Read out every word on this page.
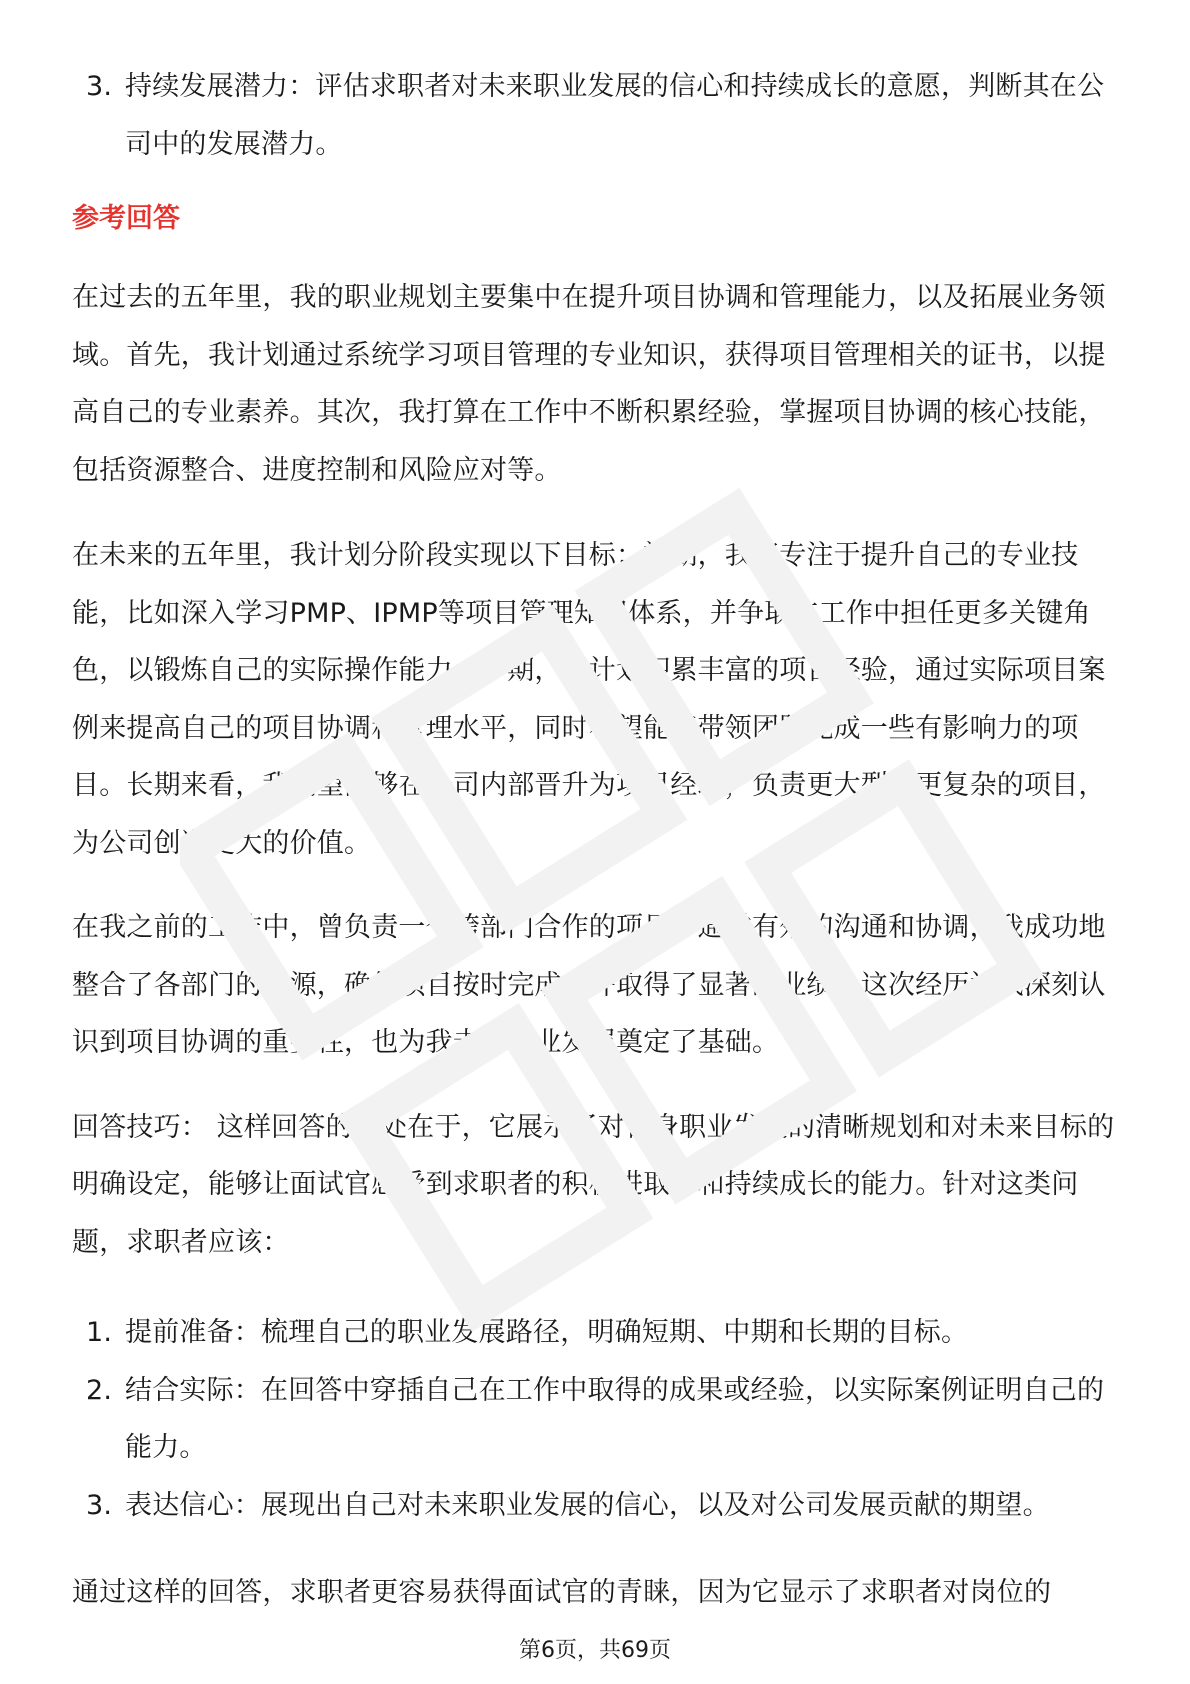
3. 持续发展潜力：评估求职者对未来职业发展的信心和持续成长的意愿，判断其在公司中的发展潜力。

参考回答

在过去的五年里，我的职业规划主要集中在提升项目协调和管理能力，以及拓展业务领域。首先，我计划通过系统学习项目管理的专业知识，获得项目管理相关的证书，以提高自己的专业素养。其次，我打算在工作中不断积累经验，掌握项目协调的核心技能，包括资源整合、进度控制和风险应对等。

在未来的五年里，我计划分阶段实现以下目标：初期，我将专注于提升自己的专业技能，比如深入学习PMP、IPMP等项目管理知识体系，并争取在工作中担任更多关键角色，以锻炼自己的实际操作能力。中期，我计划积累丰富的项目经验，通过实际项目案例来提高自己的项目协调和管理水平，同时希望能够带领团队完成一些有影响力的项目。长期来看，我期望能够在公司内部晋升为项目经理，负责更大型、更复杂的项目，为公司创造更大的价值。

在我之前的工作中，曾负责一个跨部门合作的项目，通过有效的沟通和协调，我成功地整合了各部门的资源，确保项目按时完成，并取得了显著的业绩。这次经历让我深刻认识到项目协调的重要性，也为我未来职业发展奠定了基础。

回答技巧： 这样回答的好处在于，它展示了对自身职业发展的清晰规划和对未来目标的明确设定，能够让面试官感受到求职者的积极进取心和持续成长的能力。针对这类问题，求职者应该：

1. 提前准备：梳理自己的职业发展路径，明确短期、中期和长期的目标。
2. 结合实际：在回答中穿插自己在工作中取得的成果或经验，以实际案例证明自己的能力。
3. 表达信心：展现出自己对未来职业发展的信心，以及对公司发展贡献的期望。

通过这样的回答，求职者更容易获得面试官的青睐，因为它显示了求职者对岗位的

第6页，共69页
